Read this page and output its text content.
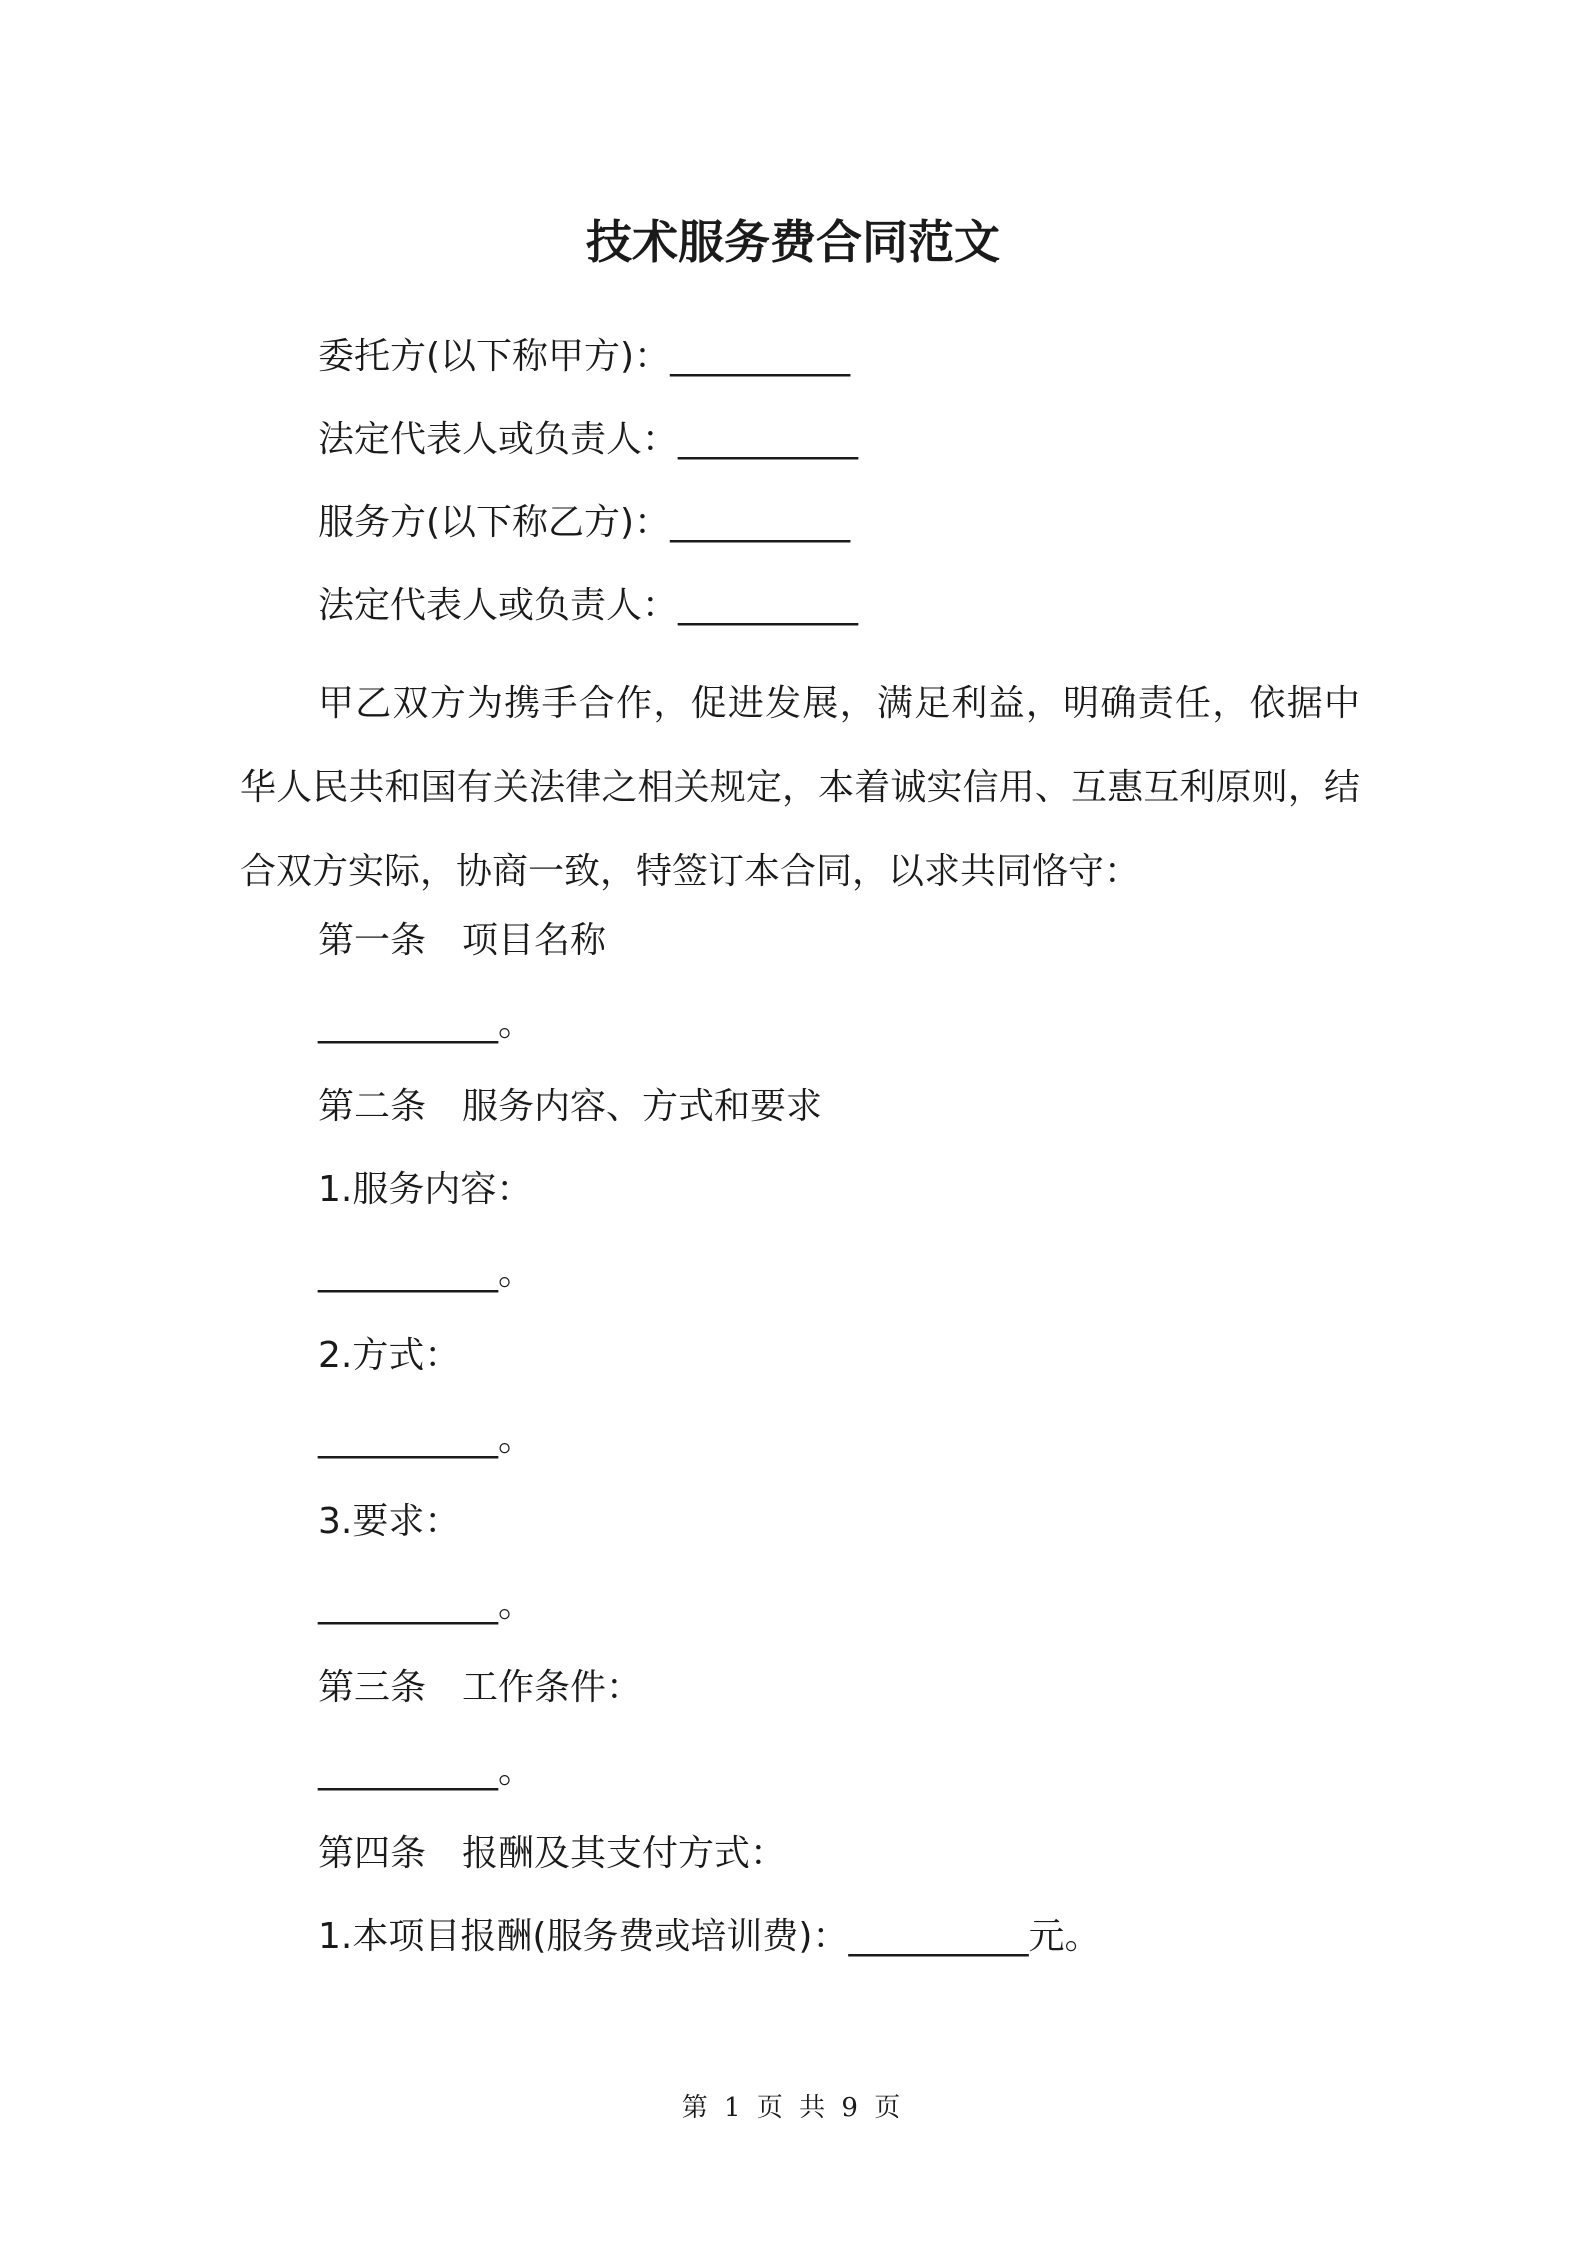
技术服务费合同范文

委托方(以下称甲方)：__________

法定代表人或负责人：__________

服务方(以下称乙方)：__________

法定代表人或负责人：__________

甲乙双方为携手合作，促进发展，满足利益，明确责任，依据中华人民共和国有关法律之相关规定，本着诚实信用、互惠互利原则，结合双方实际，协商一致，特签订本合同，以求共同恪守：

第一条　项目名称

__________。

第二条　服务内容、方式和要求

1.服务内容：

__________。

2.方式：

__________。

3.要求：

__________。

第三条　工作条件：

__________。

第四条　报酬及其支付方式：

1.本项目报酬(服务费或培训费)：__________元。

第 1 页 共 9 页
